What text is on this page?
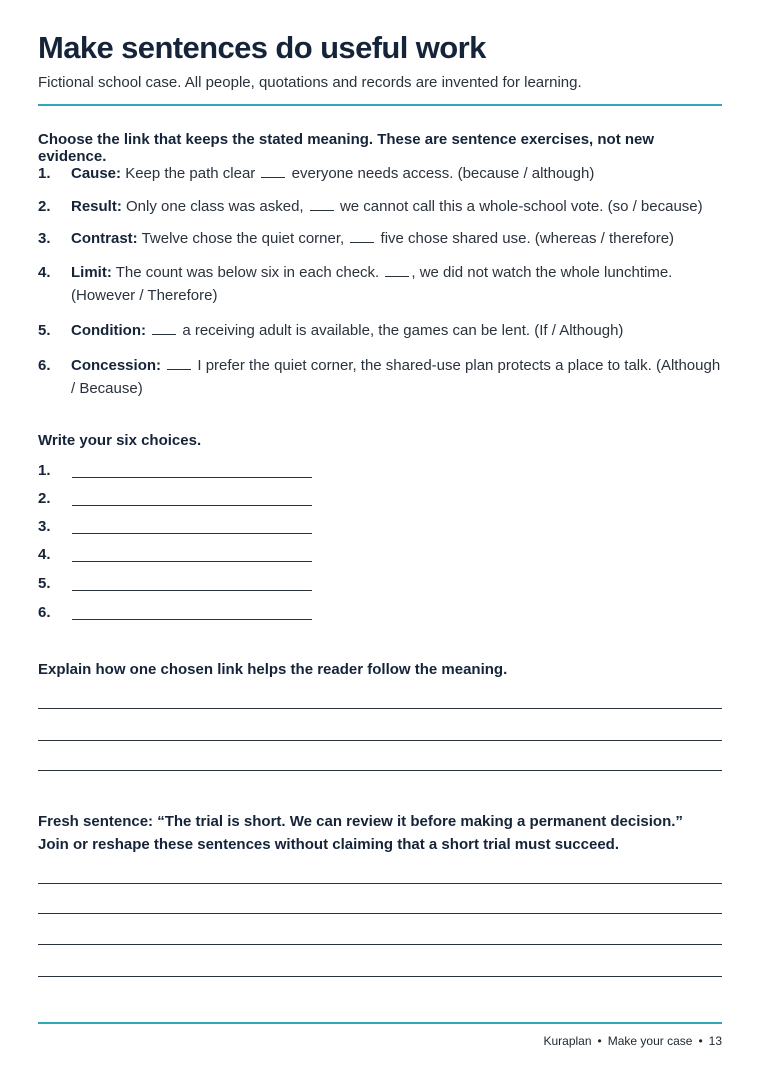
Make sentences do useful work

Fictional school case. All people, quotations and records are invented for learning.

Choose the link that keeps the stated meaning. These are sentence exercises, not new evidence.

1. Cause: Keep the path clear everyone needs access. (because / although)
2. Result: Only one class was asked, we cannot call this a whole-school vote. (so / because)
3. Contrast: Twelve chose the quiet corner, five chose shared use. (whereas / therefore)
4. Limit: The count was below six in each check. , we did not watch the whole lunchtime. (However / Therefore)
5. Condition: a receiving adult is available, the games can be lent. (If / Although)
6. Concession: I prefer the quiet corner, the shared-use plan protects a place to talk. (Although / Because)

Write your six choices.

1.
2.
3.
4.
5.
6.

Explain how one chosen link helps the reader follow the meaning.

Fresh sentence: “The trial is short. We can review it before making a permanent decision.”

Join or reshape these sentences without claiming that a short trial must succeed.

Kuraplan • Make your case • 13
